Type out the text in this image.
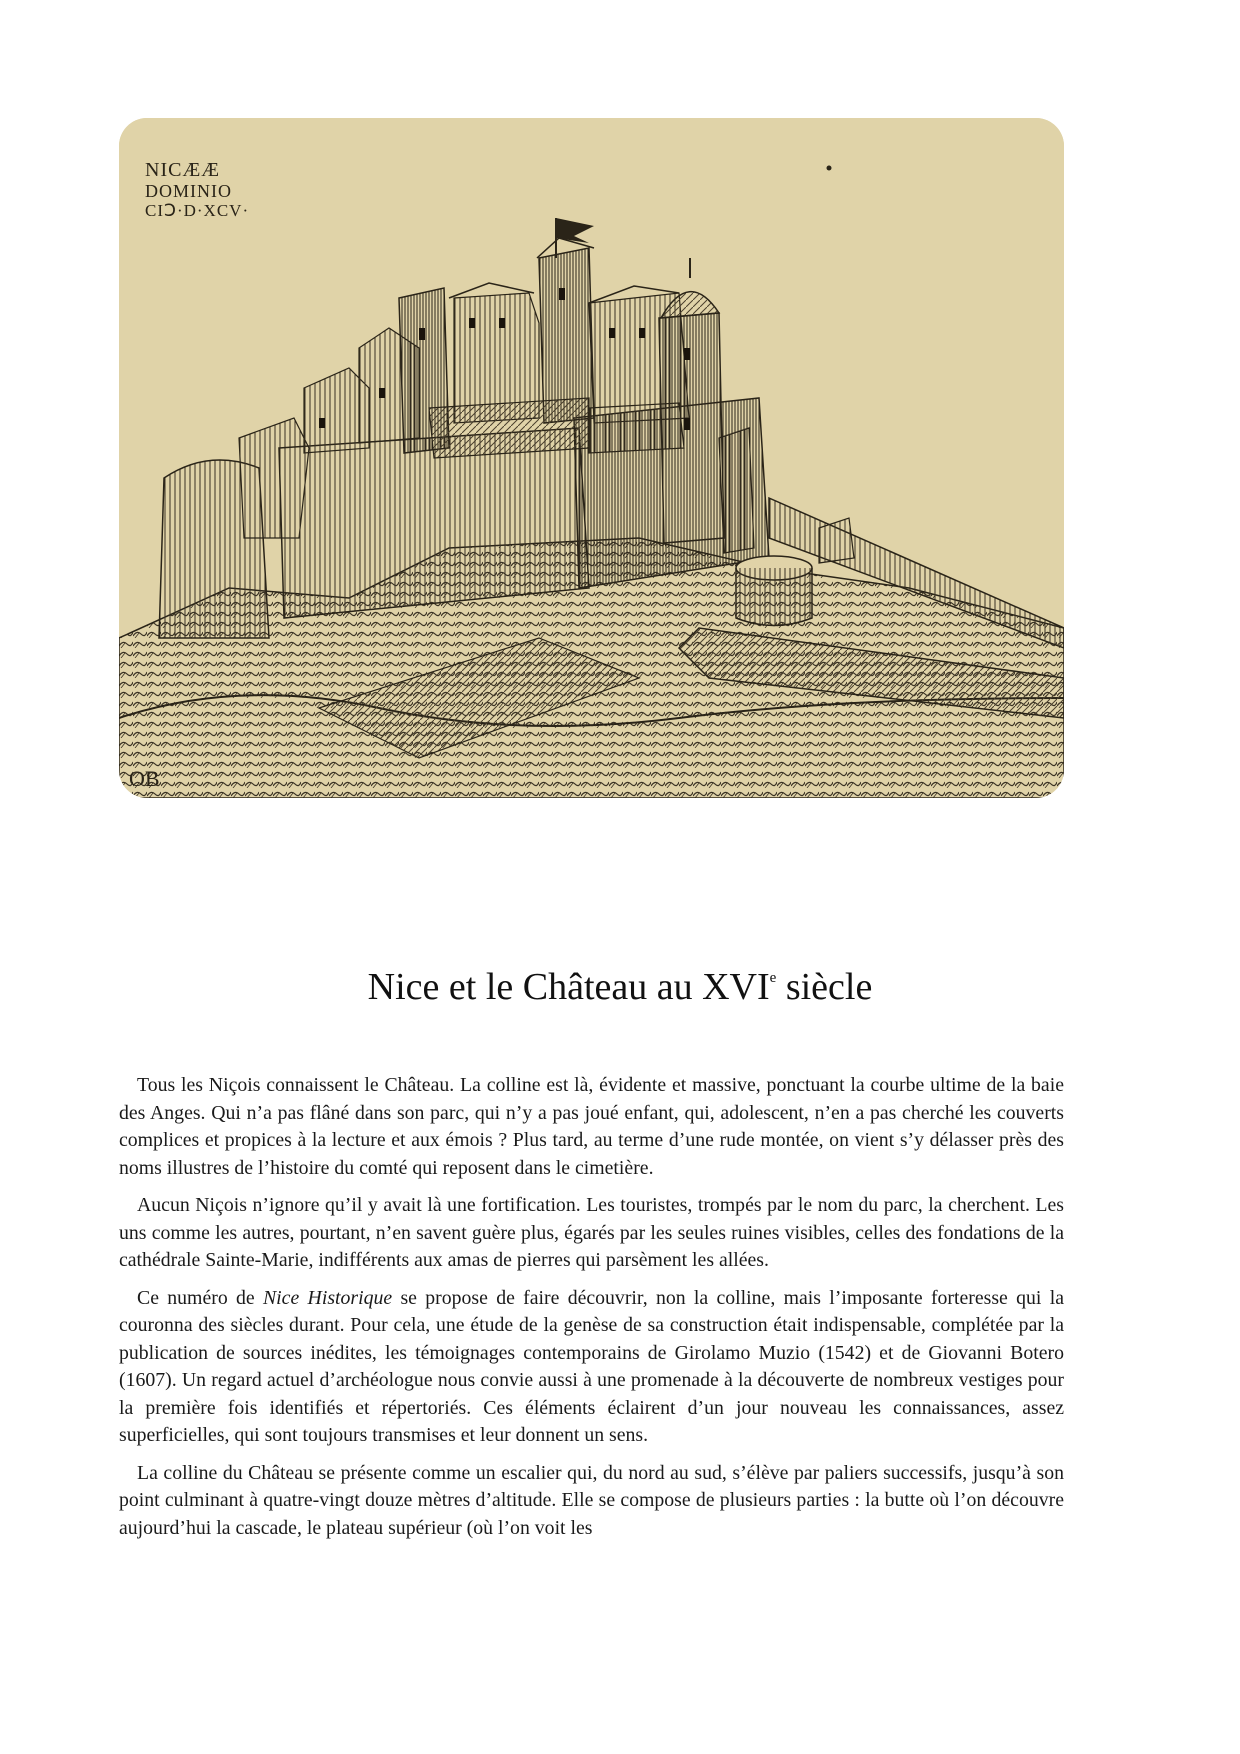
NICÆÆ
DOMINIO
CIↃ·D·XCV·
OB
Nice et le Château au XVIe siècle

Tous les Niçois connaissent le Château. La colline est là, évidente et massive, ponctuant la courbe ultime de la baie des Anges. Qui n’a pas flâné dans son parc, qui n’y a pas joué enfant, qui, adolescent, n’en a pas cherché les couverts complices et propices à la lecture et aux émois ? Plus tard, au terme d’une rude montée, on vient s’y délasser près des noms illustres de l’histoire du comté qui reposent dans le cimetière.

Aucun Niçois n’ignore qu’il y avait là une fortification. Les touristes, trompés par le nom du parc, la cherchent. Les uns comme les autres, pourtant, n’en savent guère plus, égarés par les seules ruines visibles, celles des fondations de la cathédrale Sainte-Marie, indifférents aux amas de pierres qui parsèment les allées.

Ce numéro de Nice Historique se propose de faire découvrir, non la colline, mais l’imposante forteresse qui la couronna des siècles durant. Pour cela, une étude de la genèse de sa construction était indispensable, complétée par la publication de sources inédites, les témoignages contemporains de Girolamo Muzio (1542) et de Giovanni Botero (1607). Un regard actuel d’archéologue nous convie aussi à une promenade à la découverte de nombreux vestiges pour la première fois identifiés et répertoriés. Ces éléments éclairent d’un jour nouveau les connaissances, assez superficielles, qui sont toujours transmises et leur donnent un sens.

La colline du Château se présente comme un escalier qui, du nord au sud, s’élève par paliers successifs, jusqu’à son point culminant à quatre-vingt douze mètres d’altitude. Elle se compose de plusieurs parties : la butte où l’on découvre aujourd’hui la cascade, le plateau supérieur (où l’on voit les
